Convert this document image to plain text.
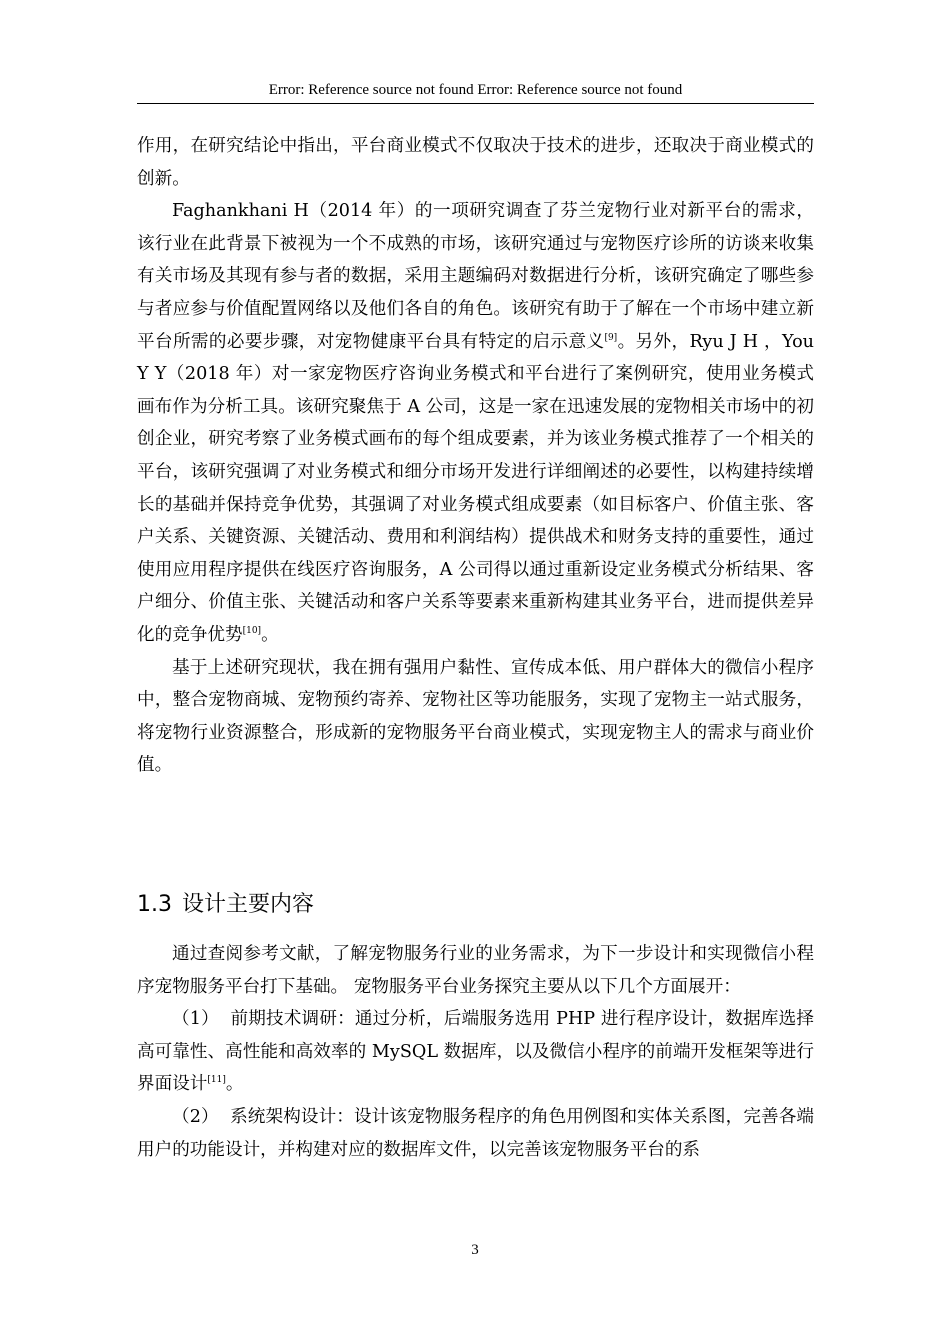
Error: Reference source not found Error: Reference source not found

作用，在研究结论中指出，平台商业模式不仅取决于技术的进步，还取决于商业模式的创新。

Faghankhani H（2014 年）的一项研究调查了芬兰宠物行业对新平台的需求，该行业在此背景下被视为一个不成熟的市场，该研究通过与宠物医疗诊所的访谈来收集有关市场及其现有参与者的数据，采用主题编码对数据进行分析，该研究确定了哪些参与者应参与价值配置网络以及他们各自的角色。该研究有助于了解在一个市场中建立新平台所需的必要步骤，对宠物健康平台具有特定的启示意义[9]。另外，Ryu J H ，You Y Y（2018 年）对一家宠物医疗咨询业务模式和平台进行了案例研究，使用业务模式画布作为分析工具。该研究聚焦于 A 公司，这是一家在迅速发展的宠物相关市场中的初创企业，研究考察了业务模式画布的每个组成要素，并为该业务模式推荐了一个相关的平台，该研究强调了对业务模式和细分市场开发进行详细阐述的必要性，以构建持续增长的基础并保持竞争优势，其强调了对业务模式组成要素（如目标客户、价值主张、客户关系、关键资源、关键活动、费用和利润结构）提供战术和财务支持的重要性，通过使用应用程序提供在线医疗咨询服务，A 公司得以通过重新设定业务模式分析结果、客户细分、价值主张、关键活动和客户关系等要素来重新构建其业务平台，进而提供差异化的竞争优势[10]。

基于上述研究现状，我在拥有强用户黏性、宣传成本低、用户群体大的微信小程序中，整合宠物商城、宠物预约寄养、宠物社区等功能服务，实现了宠物主一站式服务，将宠物行业资源整合，形成新的宠物服务平台商业模式，实现宠物主人的需求与商业价值。

1.3 设计主要内容

通过查阅参考文献，了解宠物服务行业的业务需求，为下一步设计和实现微信小程序宠物服务平台打下基础。 宠物服务平台业务探究主要从以下几个方面展开：

（1） 前期技术调研：通过分析，后端服务选用 PHP 进行程序设计，数据库选择高可靠性、高性能和高效率的 MySQL 数据库，以及微信小程序的前端开发框架等进行界面设计[11]。

（2） 系统架构设计：设计该宠物服务程序的角色用例图和实体关系图，完善各端用户的功能设计，并构建对应的数据库文件，以完善该宠物服务平台的系

3
